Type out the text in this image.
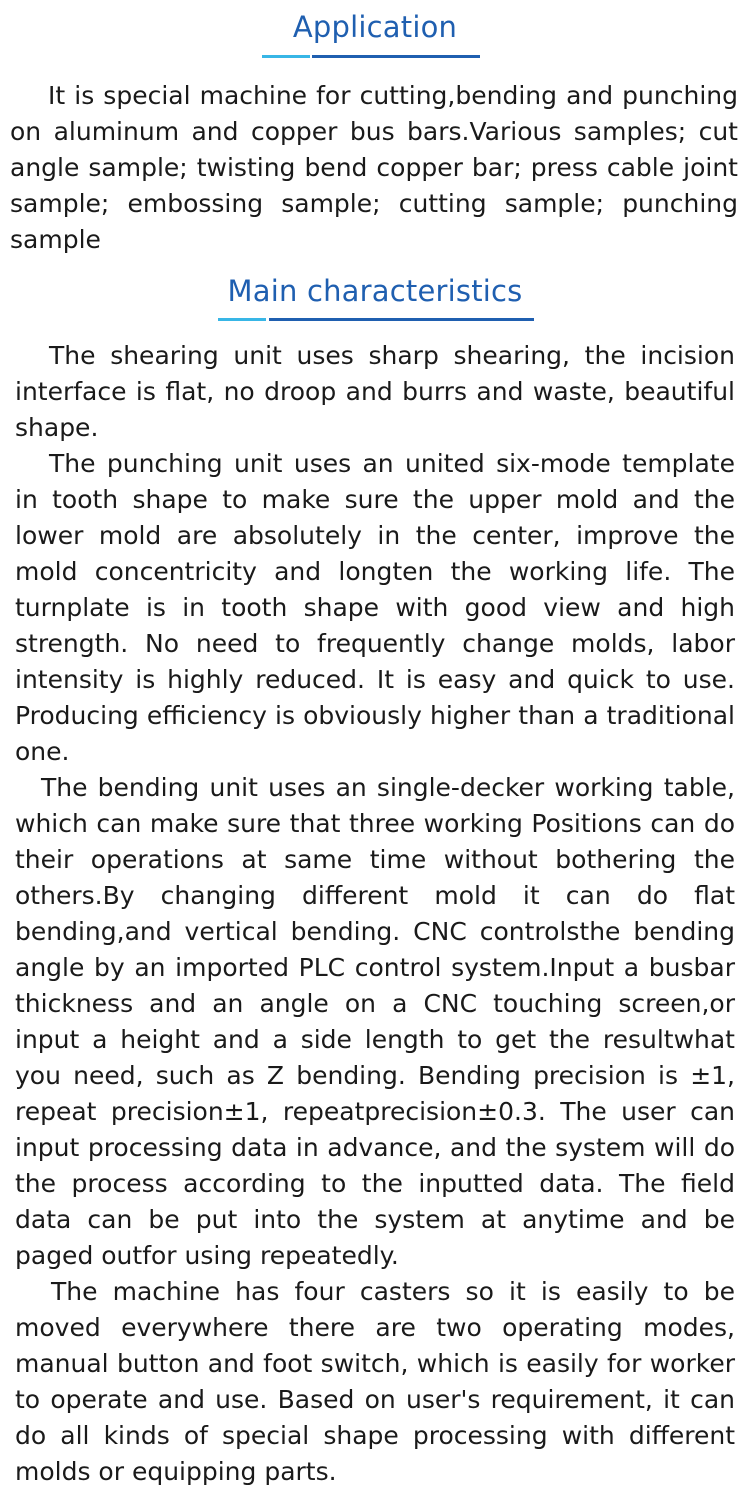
Application

It is special machine for cutting,bending and punching on aluminum and copper bus bars.Various samples; cut angle sample; twisting bend copper bar; press cable joint sample; embossing sample; cutting sample; punching sample

Main characteristics

The shearing unit uses sharp shearing, the incision interface is flat, no droop and burrs and waste, beautiful shape.

The punching unit uses an united six-mode template in tooth shape to make sure the upper mold and the lower mold are absolutely in the center, improve the mold concentricity and longten the working life. The turnplate is in tooth shape with good view and high strength. No need to frequently change molds, labor intensity is highly reduced. It is easy and quick to use. Producing efficiency is obviously higher than a traditional one.

The bending unit uses an single-decker working table, which can make sure that three working Positions can do their operations at same time without bothering the others.By changing different mold it can do flat bending,and vertical bending. CNC controlsthe bending angle by an imported PLC control system.Input a busbar thickness and an angle on a CNC touching screen,or input a height and a side length to get the resultwhat you need, such as Z bending. Bending precision is ±1, repeat precision±1, repeatprecision±0.3. The user can input processing data in advance, and the system will do the process according to the inputted data. The field data can be put into the system at anytime and be paged outfor using repeatedly.

The machine has four casters so it is easily to be moved everywhere there are two operating modes, manual button and foot switch, which is easily for worker to operate and use. Based on user's requirement, it can do all kinds of special shape processing with different molds or equipping parts.
